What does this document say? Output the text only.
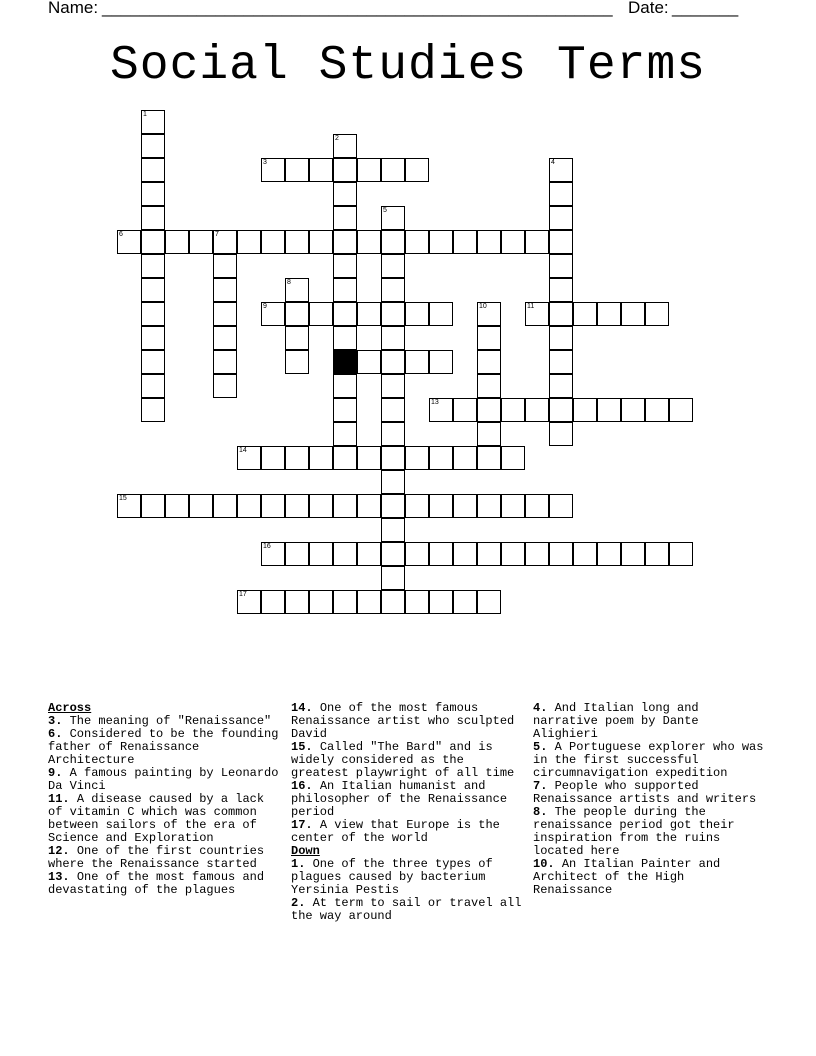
Name: ______________________________________________________ Date: _______
Social Studies Terms
3
6	7
9	11
12
13
14
15
16
17
1
2
4
5
8
10
Across
3. The meaning of "Renaissance"
6. Considered to be the founding father of Renaissance Architecture
9. A famous painting by Leonardo Da Vinci
11. A disease caused by a lack of vitamin C which was common between sailors of the era of Science and Exploration
12. One of the first countries where the Renaissance started
13. One of the most famous and devastating of the plagues
14. One of the most famous Renaissance artist who sculpted David
15. Called "The Bard" and is widely considered as the greatest playwright of all time
16. An Italian humanist and philosopher of the Renaissance period
17. A view that Europe is the center of the world
Down
1. One of the three types of plagues caused by bacterium Yersinia Pestis
2. At term to sail or travel all the way around
4. And Italian long and narrative poem by Dante Alighieri
5. A Portuguese explorer who was in the first successful circumnavigation expedition
7. People who supported Renaissance artists and writers
8. The people during the renaissance period got their inspiration from the ruins located here
10. An Italian Painter and Architect of the High Renaissance
